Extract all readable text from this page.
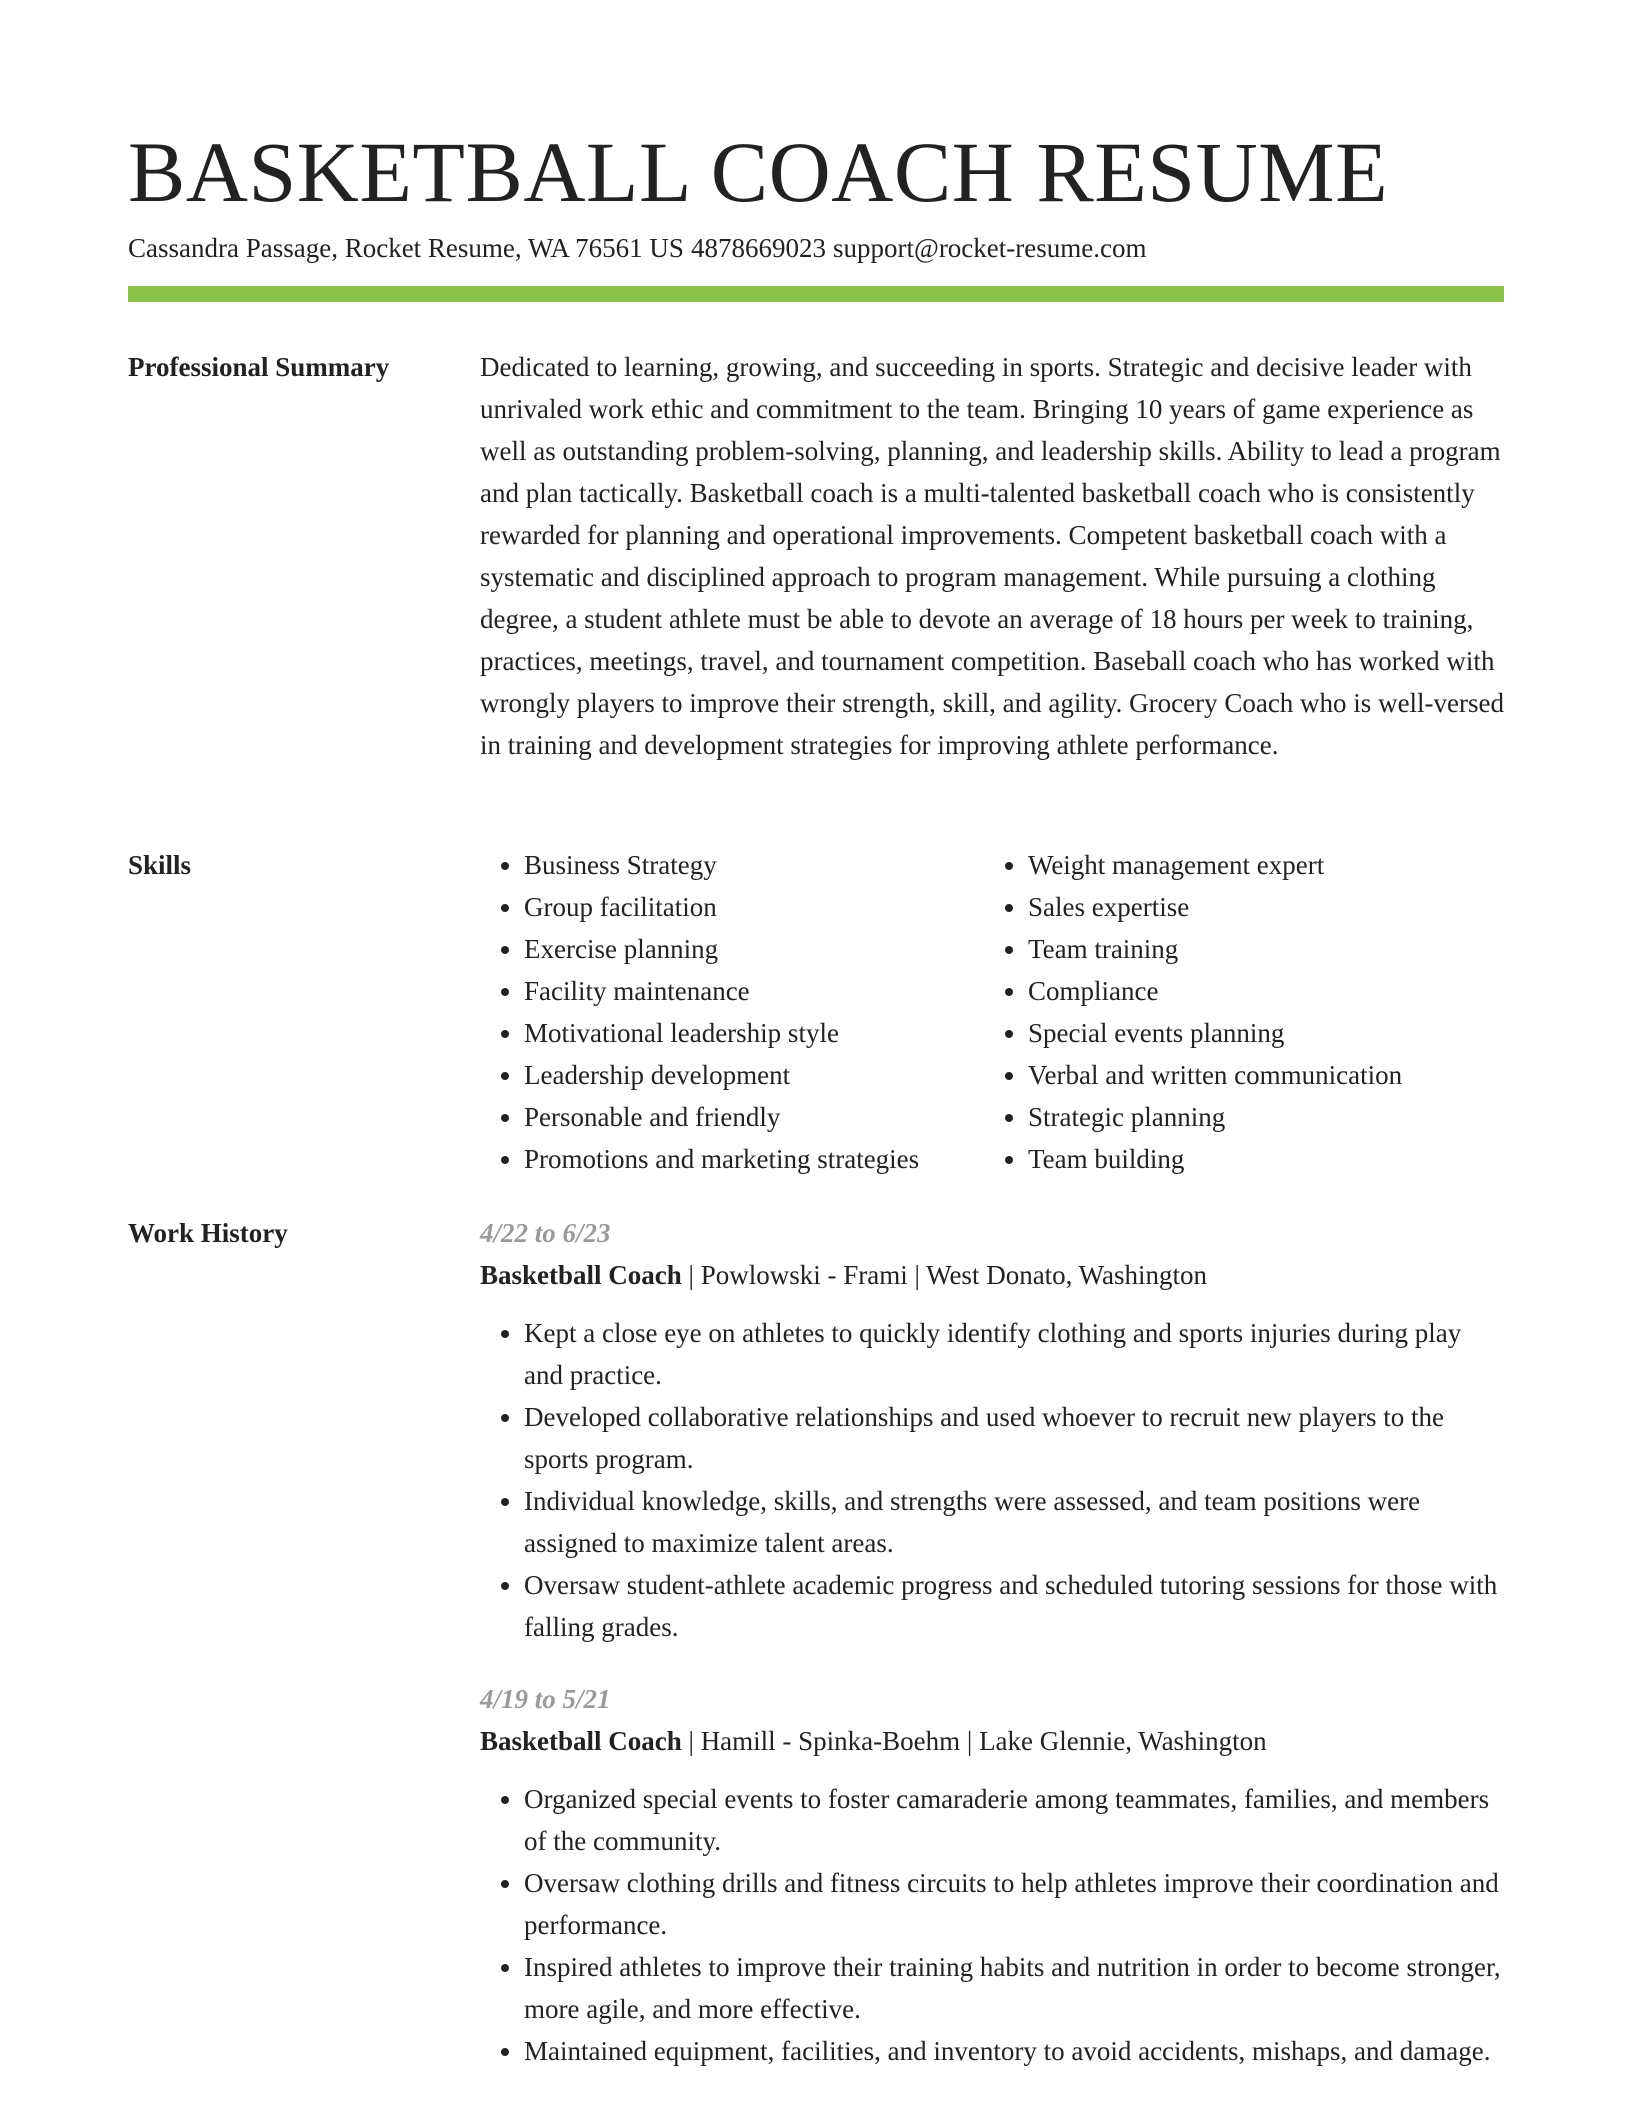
BASKETBALL COACH RESUME
Cassandra Passage, Rocket Resume, WA 76561 US 4878669023 support@rocket-resume.com
Professional Summary	Dedicated to learning, growing, and succeeding in sports. Strategic and decisive leader with unrivaled work ethic and commitment to the team. Bringing 10 years of game experience as well as outstanding problem-solving, planning, and leadership skills. Ability to lead a program and plan tactically. Basketball coach is a multi-talented basketball coach who is consistently rewarded for planning and operational improvements. Competent basketball coach with a systematic and disciplined approach to program management. While pursuing a clothing degree, a student athlete must be able to devote an average of 18 hours per week to training, practices, meetings, travel, and tournament competition. Baseball coach who has worked with wrongly players to improve their strength, skill, and agility. Grocery Coach who is well-versed in training and development strategies for improving athlete performance.

Skills
•	Business Strategy
• Group facilitation
• Exercise planning
• Facility maintenance
• Motivational leadership style
• Leadership development
• Personable and friendly
• Promotions and marketing strategies
• Weight management expert
• Sales expertise
• Team training
• Compliance
• Special events planning
• Verbal and written communication
• Strategic planning
• Team building
Work History	4/22 to 6/23
Basketball Coach | Powlowski - Frami | West Donato, Washington
• Kept a close eye on athletes to quickly identify clothing and sports injuries during play and practice.
• Developed collaborative relationships and used whoever to recruit new players to the sports program.
• Individual knowledge, skills, and strengths were assessed, and team positions were assigned to maximize talent areas.
• Oversaw student-athlete academic progress and scheduled tutoring sessions for those with falling grades.
4/19 to 5/21
Basketball Coach | Hamill - Spinka-Boehm | Lake Glennie, Washington
• Organized special events to foster camaraderie among teammates, families, and members of the community.
• Oversaw clothing drills and fitness circuits to help athletes improve their coordination and performance.
• Inspired athletes to improve their training habits and nutrition in order to become stronger, more agile, and more effective.
• Maintained equipment, facilities, and inventory to avoid accidents, mishaps, and damage.
